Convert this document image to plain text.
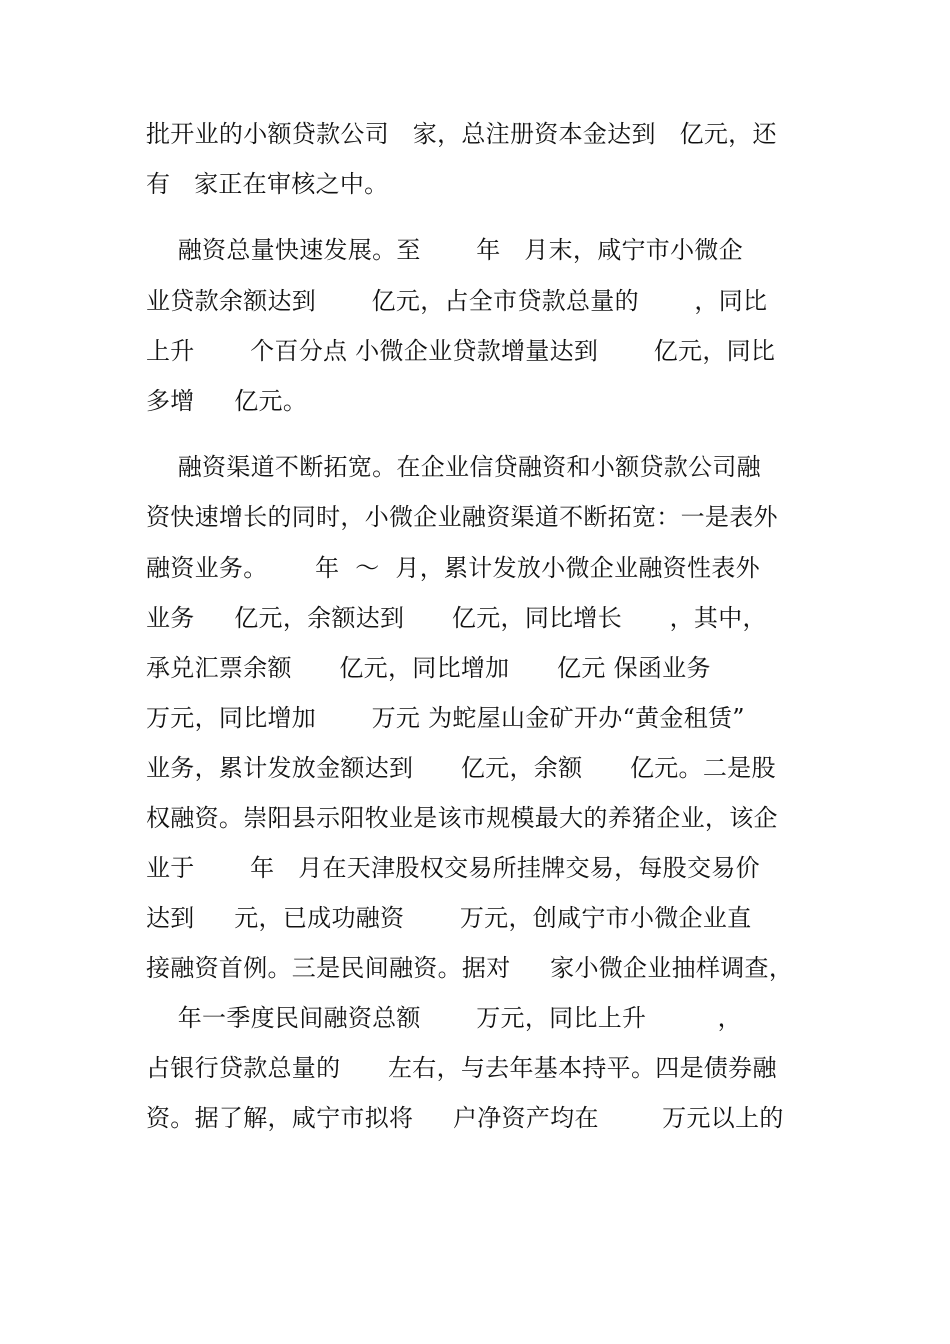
批开业的小额贷款公司   家，总注册资本金达到   亿元，还
有   家正在审核之中。
融资总量快速发展。至       年   月末，咸宁市小微企
业贷款余额达到       亿元，占全市贷款总量的       ，同比
上升       个百分点 小微企业贷款增量达到       亿元，同比
多增     亿元。
融资渠道不断拓宽。在企业信贷融资和小额贷款公司融
资快速增长的同时，小微企业融资渠道不断拓宽：一是表外
融资业务。      年  ～  月，累计发放小微企业融资性表外
业务     亿元，余额达到      亿元，同比增长      ，其中，
承兑汇票余额      亿元，同比增加      亿元 保函业务
万元，同比增加       万元 为蛇屋山金矿开办“黄金租赁”
业务，累计发放金额达到      亿元，余额      亿元。二是股
权融资。崇阳县示阳牧业是该市规模最大的养猪企业，该企
业于       年   月在天津股权交易所挂牌交易，每股交易价
达到     元，已成功融资       万元，创咸宁市小微企业直
接融资首例。三是民间融资。据对     家小微企业抽样调查，
年一季度民间融资总额       万元，同比上升         ，
占银行贷款总量的      左右，与去年基本持平。四是债券融
资。据了解，咸宁市拟将     户净资产均在        万元以上的
